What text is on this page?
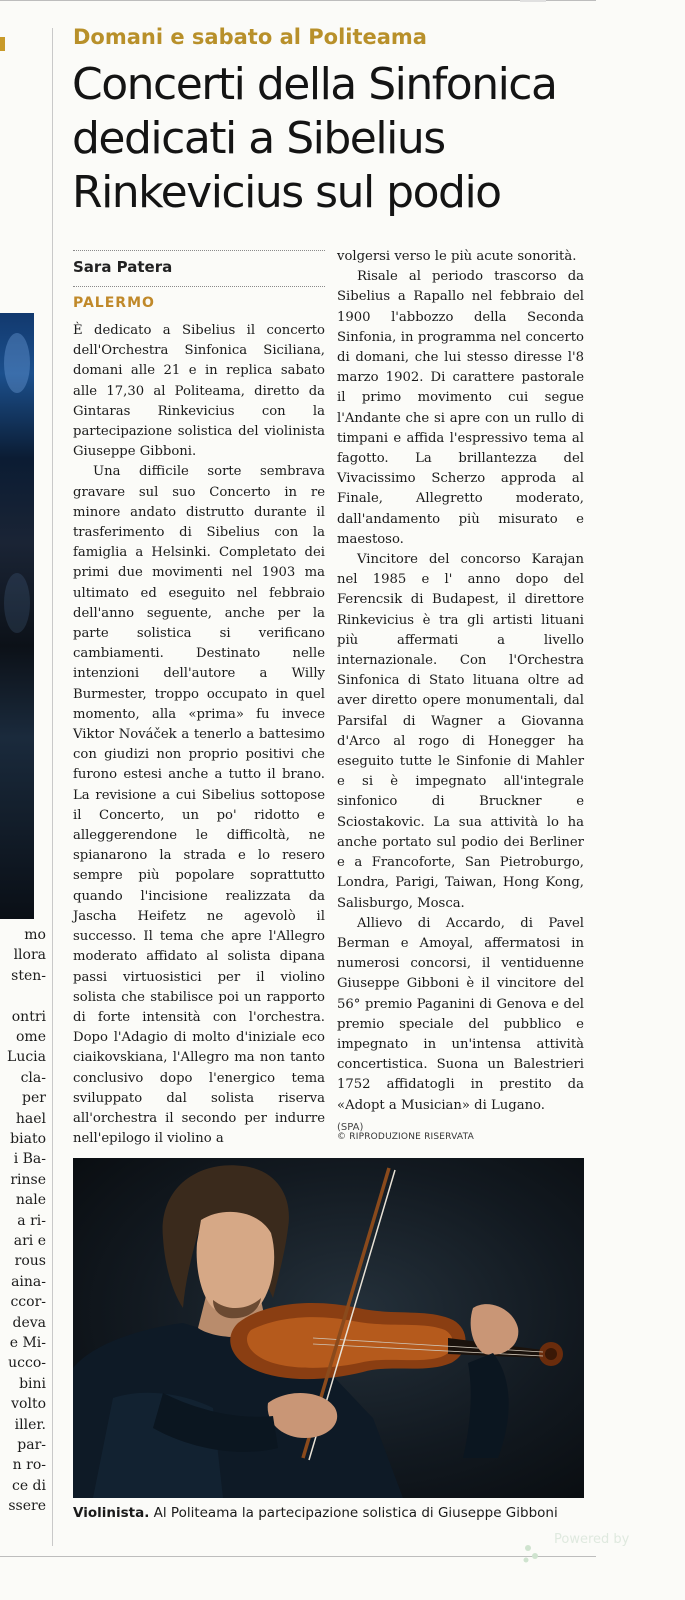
mo
llora
sten-
ontri
ome
Lucia
cla-
per
hael
biato
i Ba-
rinse
nale
a ri-
ari e
rous
aina-
ccor-
deva
e Mi-
ucco-
bini
volto
iller.
par-
n ro-
ce di
ssere
Domani e sabato al Politeama
Concerti della Sinfonica
dedicati a Sibelius
Rinkevicius sul podio
Sara Patera
PALERMO

È dedicato a Sibelius il concerto dell'Orchestra Sinfonica Siciliana, domani alle 21 e in replica sabato alle 17,30 al Politeama, diretto da Gintaras Rinkevicius con la partecipazione solistica del violinista Giuseppe Gibboni.

Una difficile sorte sembrava gravare sul suo Concerto in re minore andato distrutto durante il trasferimento di Sibelius con la famiglia a Helsinki. Completato dei primi due movimenti nel 1903 ma ultimato ed eseguito nel febbraio dell'anno seguente, anche per la parte solistica si verificano cambiamenti. Destinato nelle intenzioni dell'autore a Willy Burmester, troppo occupato in quel momento, alla «prima» fu invece Viktor Nováček a tenerlo a battesimo con giudizi non proprio positivi che furono estesi anche a tutto il brano. La revisione a cui Sibelius sottopose il Concerto, un po' ridotto e alleggerendone le difficoltà, ne spianarono la strada e lo resero sempre più popolare soprattutto quando l'incisione realizzata da Jascha Heifetz ne agevolò il successo. Il tema che apre l'Allegro moderato affidato al solista dipana passi virtuosistici per il violino solista che stabilisce poi un rapporto di forte intensità con l'orchestra. Dopo l'Adagio di molto d'iniziale eco ciaikovskiana, l'Allegro ma non tanto conclusivo dopo l'energico tema sviluppato dal solista riserva all'orchestra il secondo per indurre nell'epilogo il violino a

volgersi verso le più acute sonorità.

Risale al periodo trascorso da Sibelius a Rapallo nel febbraio del 1900 l'abbozzo della Seconda Sinfonia, in programma nel concerto di domani, che lui stesso diresse l'8 marzo 1902. Di carattere pastorale il primo movimento cui segue l'Andante che si apre con un rullo di timpani e affida l'espressivo tema al fagotto. La brillantezza del Vivacissimo Scherzo approda al Finale, Allegretto moderato, dall'andamento più misurato e maestoso.

Vincitore del concorso Karajan nel 1985 e l' anno dopo del Ferencsik di Budapest, il direttore Rinkevicius è tra gli artisti lituani più affermati a livello internazionale. Con l'Orchestra Sinfonica di Stato lituana oltre ad aver diretto opere monumentali, dal Parsifal di Wagner a Giovanna d'Arco al rogo di Honegger ha eseguito tutte le Sinfonie di Mahler e si è impegnato all'integrale sinfonico di Bruckner e Sciostakovic. La sua attività lo ha anche portato sul podio dei Berliner e a Francoforte, San Pietroburgo, Londra, Parigi, Taiwan, Hong Kong, Salisburgo, Mosca.

Allievo di Accardo, di Pavel Berman e Amoyal, affermatosi in numerosi concorsi, il ventiduenne Giuseppe Gibboni è il vincitore del 56° premio Paganini di Genova e del premio speciale del pubblico e impegnato in un'intensa attività concertistica. Suona un Balestrieri 1752 affidatogli in prestito da «Adopt a Musician» di Lugano.

(SPA)
© RIPRODUZIONE RISERVATA
Violinista. Al Politeama la partecipazione solistica di Giuseppe Gibboni
Powered by
